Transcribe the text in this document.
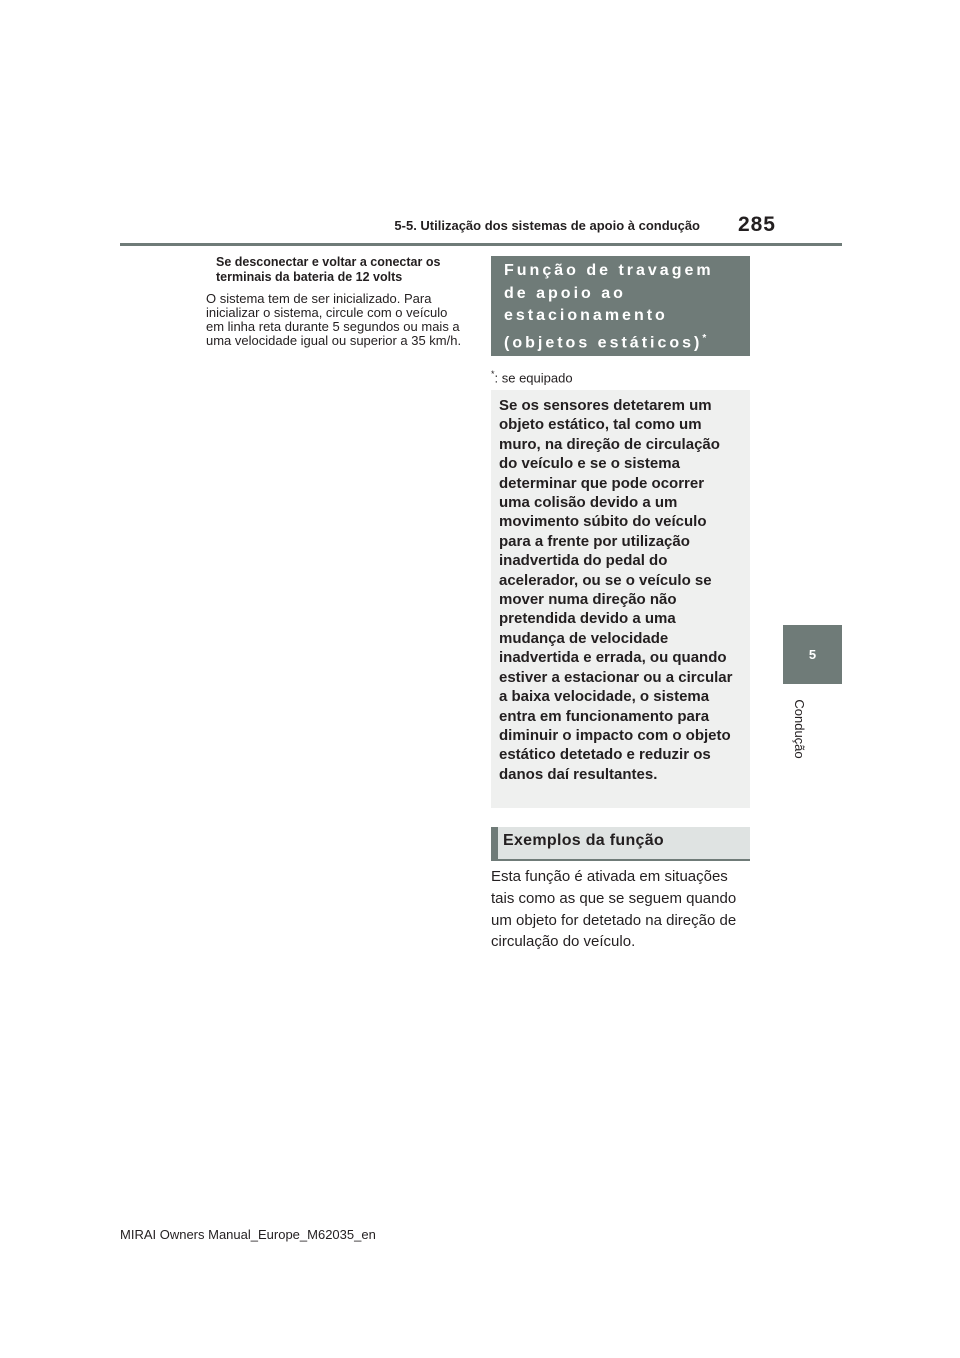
5-5. Utilização dos sistemas de apoio à condução	285
5
Condução
Se desconectar e voltar a conectar os terminais da bateria de 12 volts
O sistema tem de ser inicializado. Para inicializar o sistema, circule com o veículo em linha reta durante 5 segundos ou mais a uma velocidade igual ou superior a 35 km/h.
Função de travagem de apoio ao estacionamento (objetos estáticos)*
*: se equipado
Se os sensores detetarem um objeto estático, tal como um muro, na direção de circulação do veículo e se o sistema determinar que pode ocorrer uma colisão devido a um movimento súbito do veículo para a frente por utilização inadvertida do pedal do acelerador, ou se o veículo se mover numa direção não pretendida devido a uma mudança de velocidade inadvertida e errada, ou quando estiver a estacionar ou a circular a baixa velocidade, o sistema entra em funcionamento para diminuir o impacto com o objeto estático detetado e reduzir os danos daí resultantes.
Exemplos da função
Esta função é ativada em situações tais como as que se seguem quando um objeto for detetado na direção de circulação do veículo.
MIRAI Owners Manual_Europe_M62035_en
